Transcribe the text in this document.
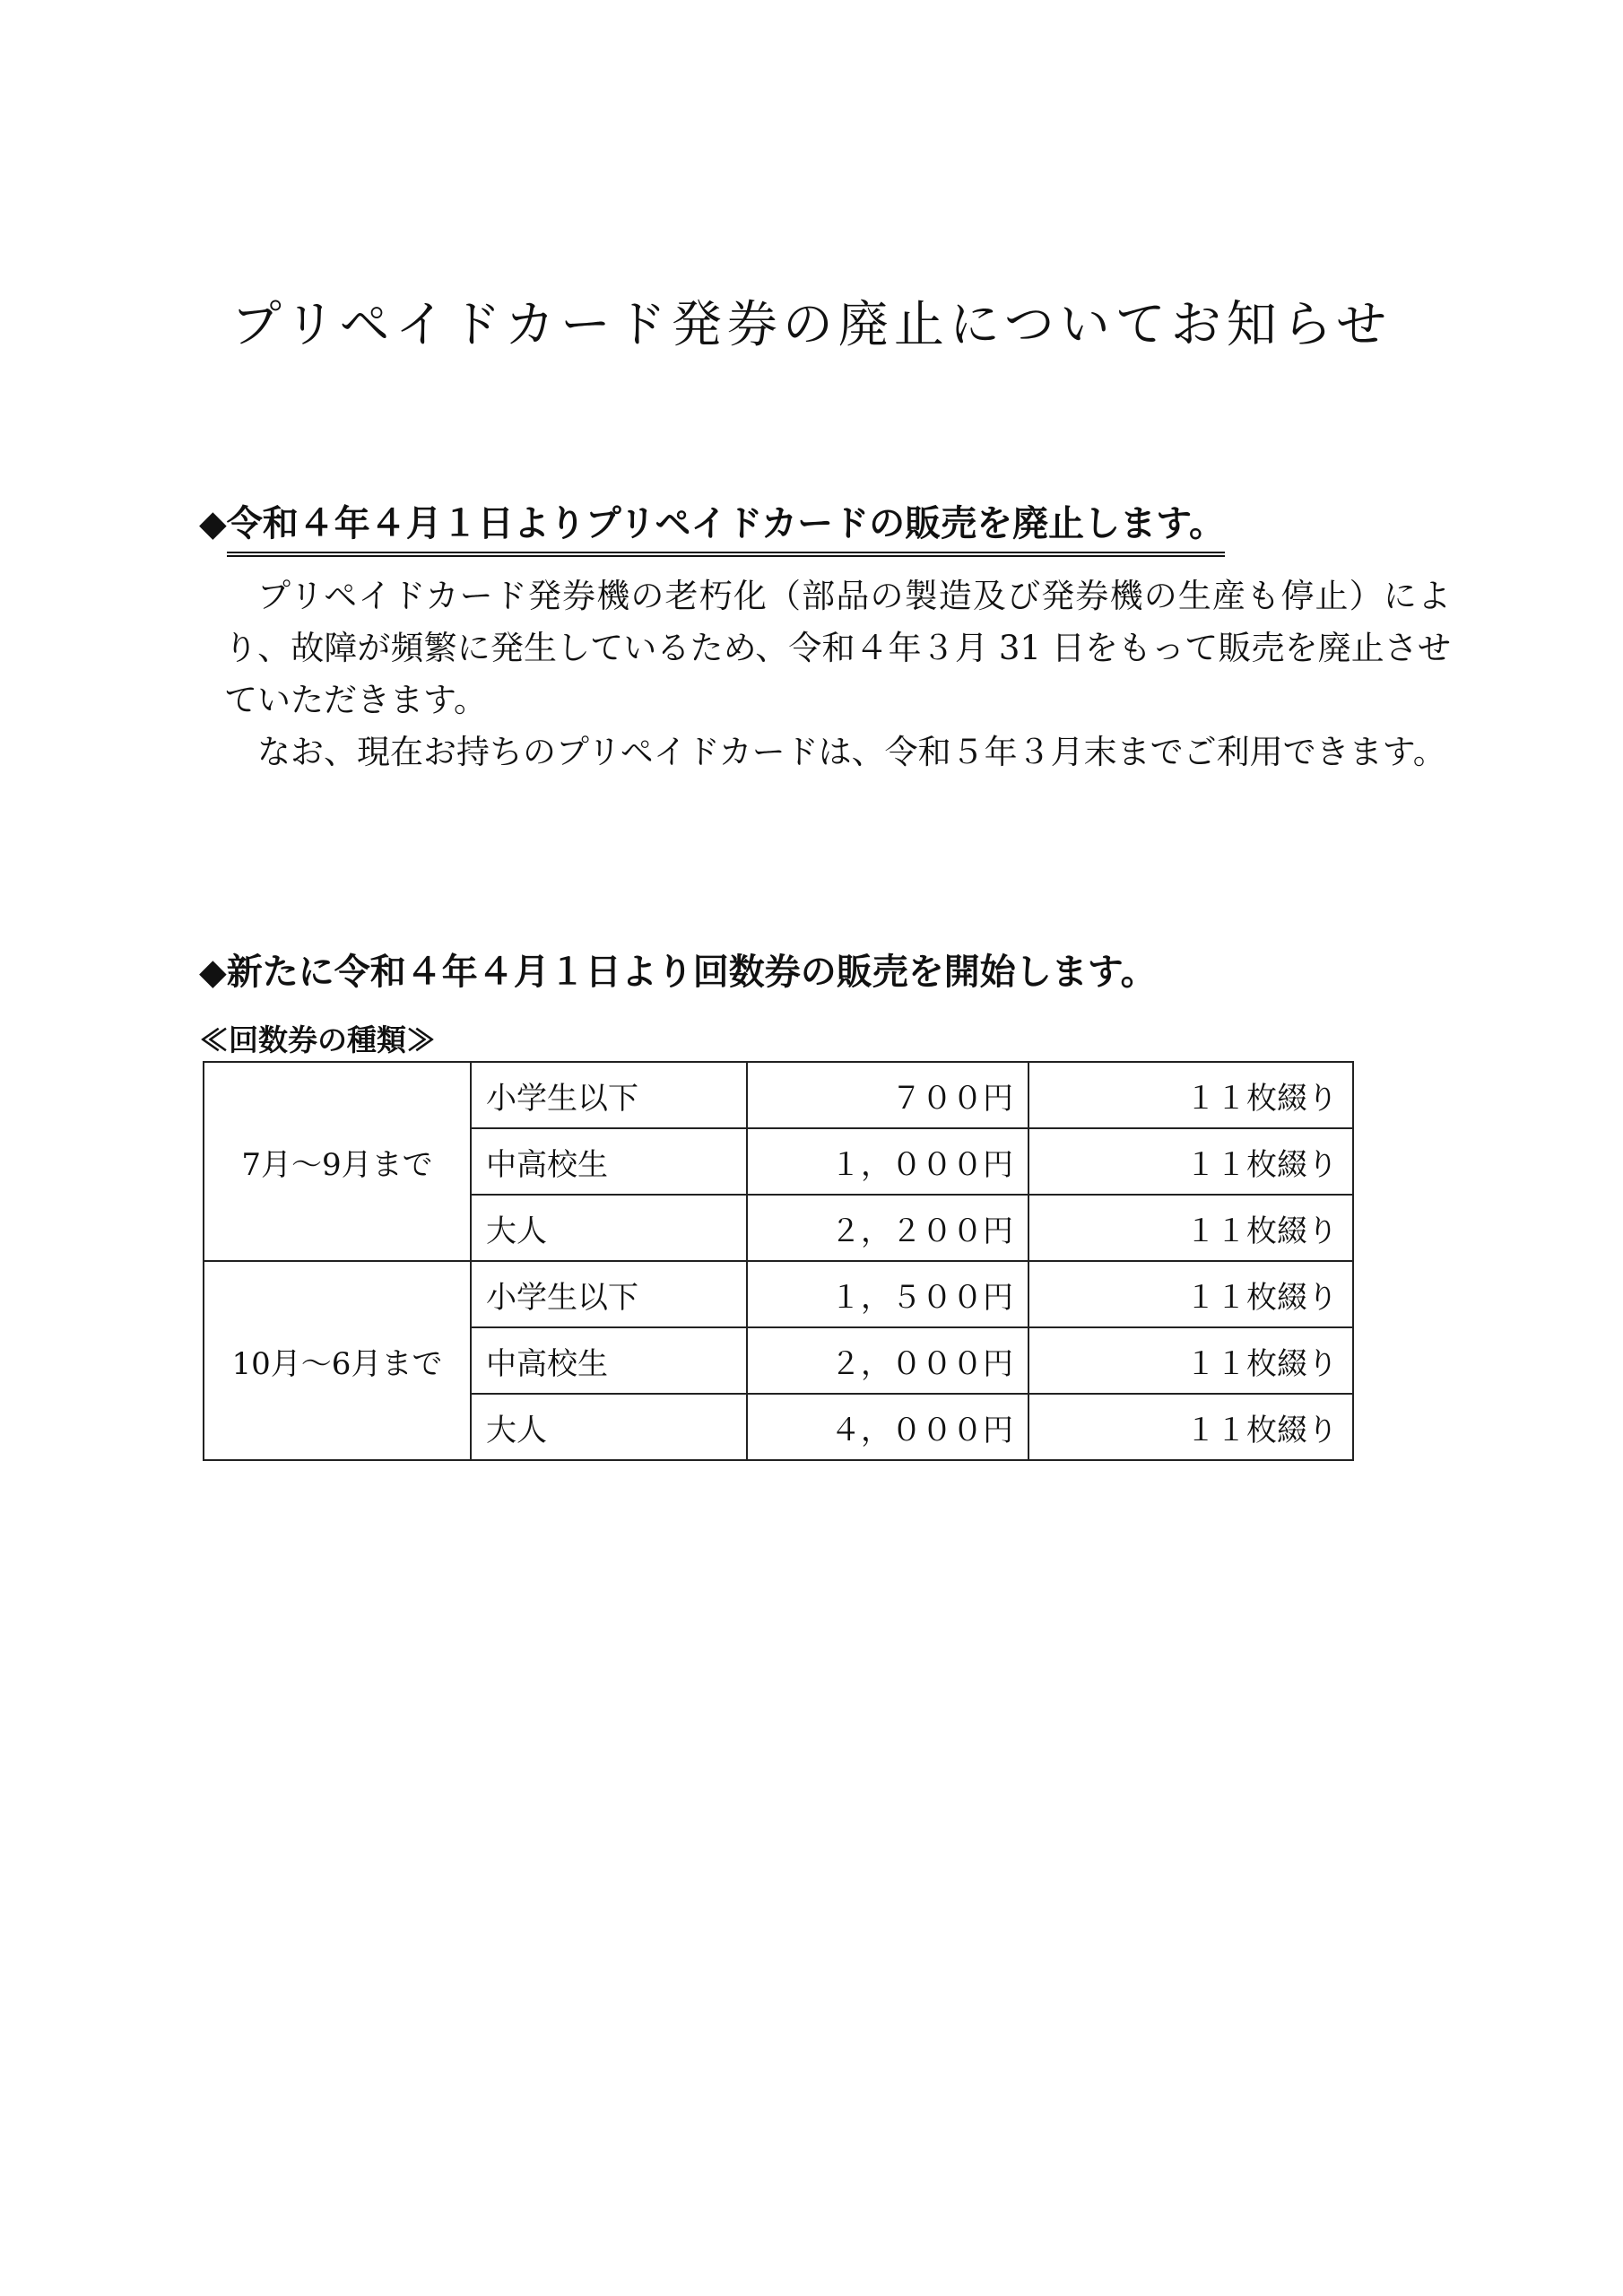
プリペイドカード発券の廃止についてお知らせ
◆令和４年４月１日よりプリペイドカードの販売を廃止します。

プリペイドカード発券機の老朽化（部品の製造及び発券機の生産も停止）により、故障が頻繁に発生しているため、令和４年３月 31 日をもって販売を廃止させていただきます。

なお、現在お持ちのプリペイドカードは、令和５年３月末までご利用できます。

◆新たに令和４年４月１日より回数券の販売を開始します。
≪回数券の種類≫
7月〜9月まで	小学生以下	７００円	１１枚綴り
	中高校生	１，０００円	１１枚綴り
	大人	２，２００円	１１枚綴り
10月〜6月まで	小学生以下	１，５００円	１１枚綴り
	中高校生	２，０００円	１１枚綴り
	大人	４，０００円	１１枚綴り
